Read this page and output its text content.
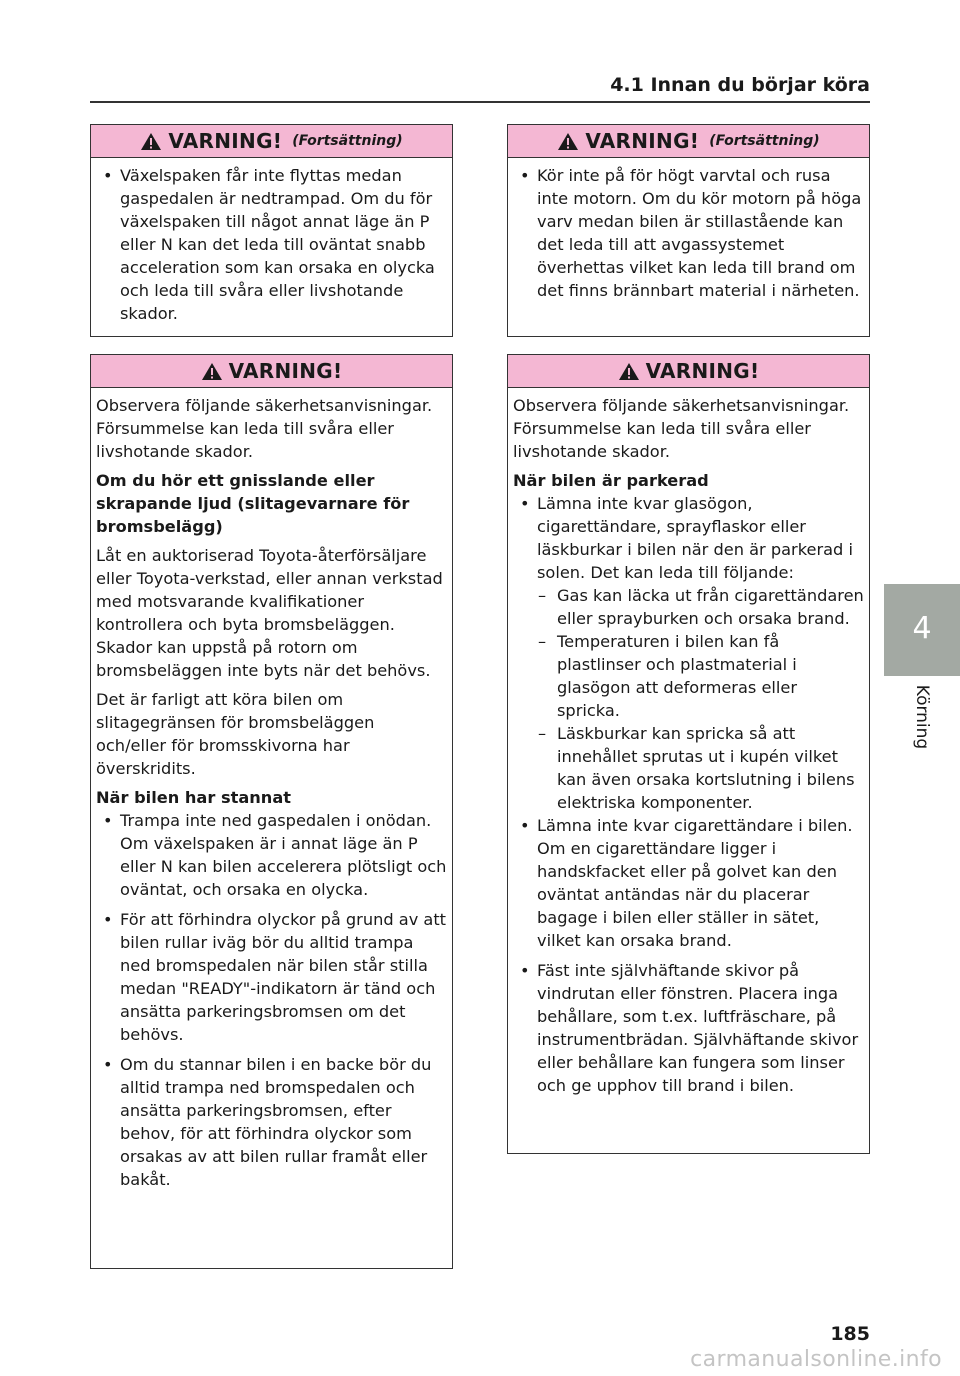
4.1 Innan du börjar köra
VARNING! (Fortsättning)
• Växelspaken får inte flyttas medan gaspedalen är nedtrampad. Om du för växelspaken till något annat läge än P eller N kan det leda till oväntat snabb acceleration som kan orsaka en olycka och leda till svåra eller livshotande skador.
VARNING!
Observera följande säkerhetsanvisningar. Försummelse kan leda till svåra eller livshotande skador.
Om du hör ett gnisslande eller skrapande ljud (slitagevarnare för bromsbelägg)
Låt en auktoriserad Toyota-återförsäljare eller Toyota-verkstad, eller annan verkstad med motsvarande kvalifikationer kontrollera och byta bromsbeläggen. Skador kan uppstå på rotorn om bromsbeläggen inte byts när det behövs.
Det är farligt att köra bilen om slitagegränsen för bromsbeläggen och/eller för bromsskivorna har överskridits.
När bilen har stannat
• Trampa inte ned gaspedalen i onödan. Om växelspaken är i annat läge än P eller N kan bilen accelerera plötsligt och oväntat, och orsaka en olycka.
• För att förhindra olyckor på grund av att bilen rullar iväg bör du alltid trampa ned bromspedalen när bilen står stilla medan "READY"-indikatorn är tänd och ansätta parkeringsbromsen om det behövs.
• Om du stannar bilen i en backe bör du alltid trampa ned bromspedalen och ansätta parkeringsbromsen, efter behov, för att förhindra olyckor som orsakas av att bilen rullar framåt eller bakåt.
VARNING! (Fortsättning)
• Kör inte på för högt varvtal och rusa inte motorn. Om du kör motorn på höga varv medan bilen är stillastående kan det leda till att avgassystemet överhettas vilket kan leda till brand om det finns brännbart material i närheten.
VARNING!
Observera följande säkerhetsanvisningar. Försummelse kan leda till svåra eller livshotande skador.
När bilen är parkerad
• Lämna inte kvar glasögon, cigarettändare, sprayflaskor eller läskburkar i bilen när den är parkerad i solen. Det kan leda till följande:
– Gas kan läcka ut från cigarettändaren eller sprayburken och orsaka brand.
– Temperaturen i bilen kan få plastlinser och plastmaterial i glasögon att deformeras eller spricka.
– Läskburkar kan spricka så att innehållet sprutas ut i kupén vilket kan även orsaka kortslutning i bilens elektriska komponenter.
• Lämna inte kvar cigarettändare i bilen. Om en cigarettändare ligger i handskfacket eller på golvet kan den oväntat antändas när du placerar bagage i bilen eller ställer in sätet, vilket kan orsaka brand.
• Fäst inte självhäftande skivor på vindrutan eller fönstren. Placera inga behållare, som t.ex. luftfräschare, på instrumentbrädan. Självhäftande skivor eller behållare kan fungera som linser och ge upphov till brand i bilen.
4
Körning
185
carmanualsonline.info
